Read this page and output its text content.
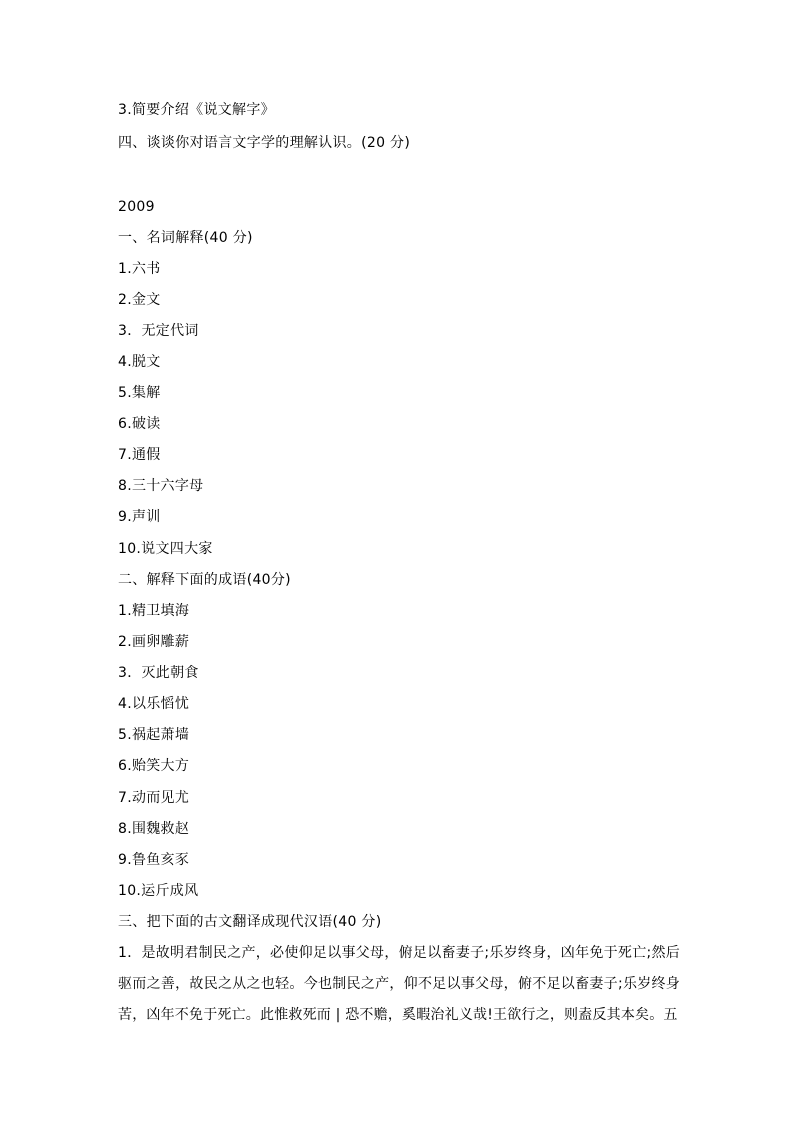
3.简要介绍《说文解字》
四、谈谈你对语言文字学的理解认识。(20 分)
2009
一、名词解释(40 分)
1.六书
2.金文
3．无定代词
4.脱文
5.集解
6.破读
7.通假
8.三十六字母
9.声训
10.说文四大家
二、解释下面的成语(40分)
1.精卫填海
2.画卵雕薪
3．灭此朝食
4.以乐慆忧
5.祸起萧墙
6.贻笑大方
7.动而见尤
8.围魏救赵
9.鲁鱼亥豕
10.运斤成风
三、把下面的古文翻译成现代汉语(40 分)
1．是故明君制民之产，必使仰足以事父母，俯足以畜妻子;乐岁终身，凶年免于死亡;然后驱而之善，故民之从之也轻。今也制民之产，仰不足以事父母，俯不足以畜妻子;乐岁终身苦，凶年不免于死亡。此惟救死而 | 恐不赡，奚暇治礼义哉!王欲行之，则盍反其本矣。五
